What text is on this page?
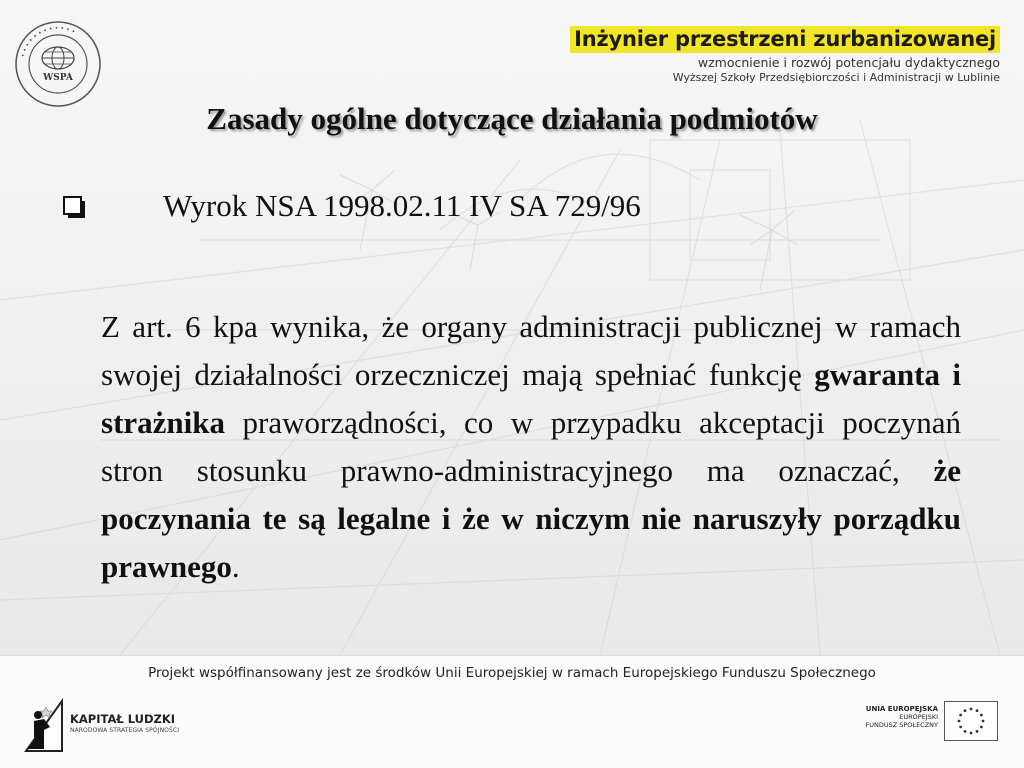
• • • • • • • • • • • •
WSPA
Inżynier przestrzeni zurbanizowanej
wzmocnienie i rozwój potencjału dydaktycznego
Wyższej Szkoły Przedsiębiorczości i Administracji w Lublinie
Zasady ogólne dotyczące działania podmiotów
Wyrok NSA 1998.02.11 IV SA 729/96

Z art. 6 kpa wynika, że organy administracji publicznej w ramach swojej działalności orzeczniczej mają spełniać funkcję gwaranta i strażnika praworządności, co w przypadku akceptacji poczynań stron stosunku prawno-administracyjnego ma oznaczać, że poczynania te są legalne i że w niczym nie naruszyły porządku prawnego.

Projekt współfinansowany jest ze środków Unii Europejskiej w ramach Europejskiego Funduszu Społecznego
KAPITAŁ LUDZKI
NARODOWA STRATEGIA SPÓJNOŚCI
UNIA EUROPEJSKA
EUROPEJSKI
FUNDUSZ SPOŁECZNY
